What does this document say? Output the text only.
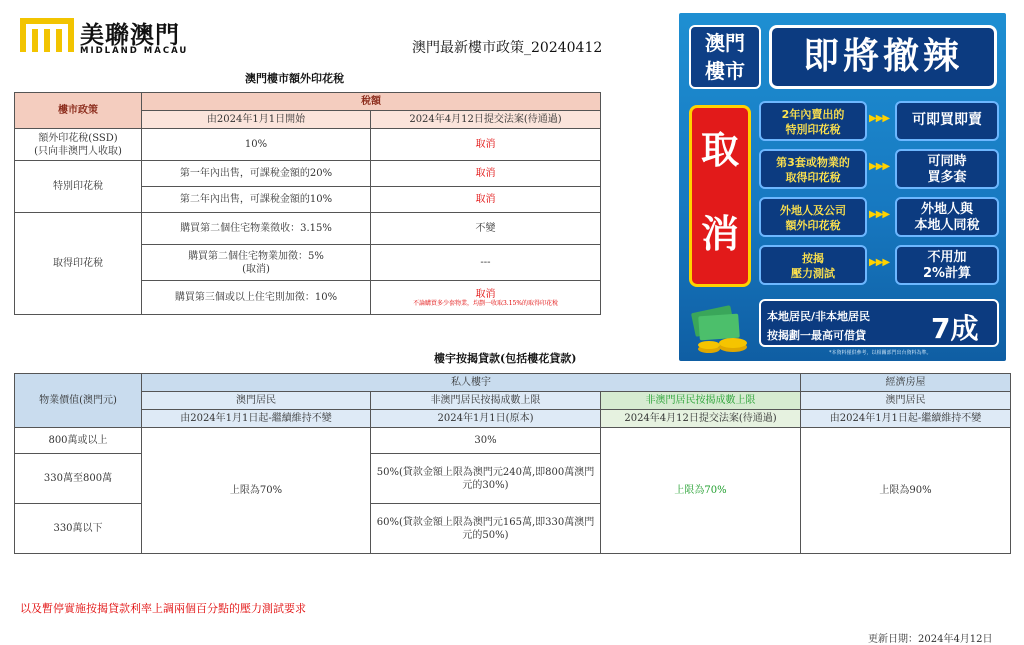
美聯澳門
MIDLAND MACAU	澳門最新樓市政策_20240412
澳門樓市額外印花稅
樓市政策	稅額	
	由2024年1月1日開始	2024年4月12日提交法案(待通過)
額外印花稅(SSD)
(只向非澳門人收取)	10%	取消
特別印花稅	第一年內出售，可課稅金額的20%	取消
	第二年內出售，可課稅金額的10%	取消
取得印花稅	購買第二個住宅物業徵收：3.15%	不變
	購買第二個住宅物業加徵：5%
(取消)	---
	購買第三個或以上住宅則加徵：10%	取消
不論購買多少套物業，均劃一收取3.15%的取得印花稅
樓宇按揭貸款(包括樓花貸款)
物業價值(澳門元)	私人樓宇			經濟房屋
	澳門居民	非澳門居民按揭成數上限	非澳門居民按揭成數上限	澳門居民
	由2024年1月1日起-繼續維持不變	2024年1月1日(原本)	2024年4月12日提交法案(待通過)	由2024年1月1日起-繼續維持不變
800萬或以上	上限為70%	30%	上限為70%	上限為90%
330萬至800萬		50%(貸款金額上限為澳門元240萬,即800萬澳門元的30%)		
330萬以下		60%(貸款金額上限為澳門元165萬,即330萬澳門元的50%)		
以及暫停實施按揭貸款利率上調兩個百分點的壓力測試要求
更新日期：2024年4月12日
澳門
樓市	即將撤辣
取
消
2年內賣出的
特別印花稅
▶▶▶	可即買即賣
第3套或物業的
取得印花稅
▶▶▶	可同時
買多套
外地人及公司
額外印花稅
▶▶▶	外地人與
本地人同稅
按揭
壓力測試
▶▶▶	不用加
2%計算
本地居民/非本地居民
按揭劃一最高可借貸 7成
*本資料僅供參考，以相關部門出台資料為準。
